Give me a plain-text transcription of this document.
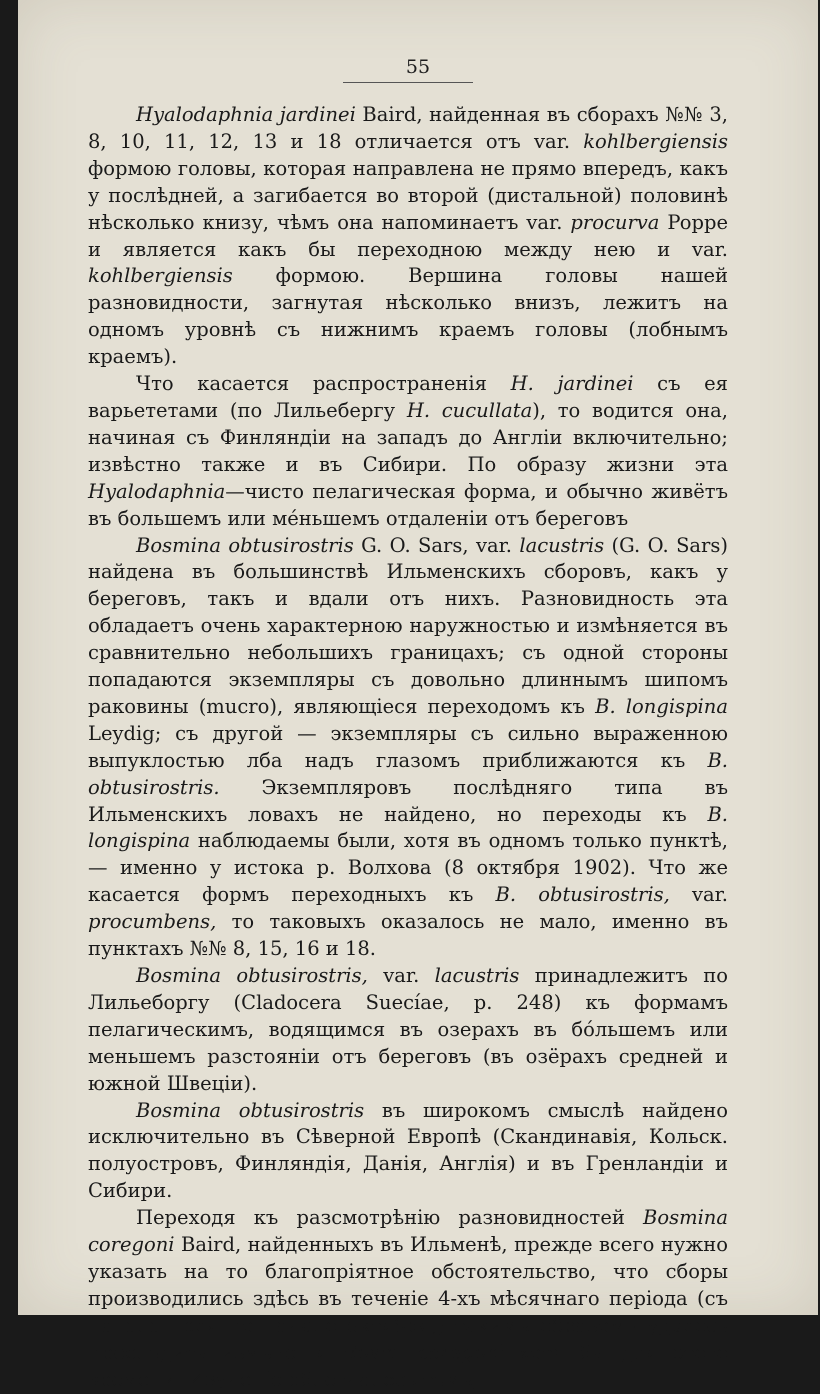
55

Hyalodaphnia jardinei Baird, найденная въ сборахъ №№ 3, 8, 10, 11, 12, 13 и 18 отличается отъ var. kohlbergiensis формою головы, которая направлена не прямо впередъ, какъ у послѣдней, а загибается во второй (дистальной) половинѣ нѣсколько книзу, чѣмъ она напоминаетъ var. procurva Poppe и является какъ бы переходною между нею и var. kohlbergiensis формою. Вершина головы нашей разновидности, загнутая нѣсколько внизъ, лежитъ на одномъ уровнѣ съ нижнимъ краемъ головы (лобнымъ краемъ).

Что касается распространенія H. jardinei съ ея варьететами (по Лильебергу H. cucullata), то водится она, начиная съ Финляндіи на западъ до Англіи включительно; извѣстно также и въ Сибири. По образу жизни эта Hyalodaphnia—чисто пелагическая форма, и обычно живётъ въ большемъ или мéньшемъ отдаленіи отъ береговъ

Bosmina obtusirostris G. O. Sars, var. lacustris (G. O. Sars) найдена въ большинствѣ Ильменскихъ сборовъ, какъ у береговъ, такъ и вдали отъ нихъ. Разновидность эта обладаетъ очень характерною наружностью и измѣняется въ сравнительно небольшихъ границахъ; съ одной стороны попадаются экземпляры съ довольно длиннымъ шипомъ раковины (mucro), являющіеся переходомъ къ B. longispina Leydig; съ другой — экземпляры съ сильно выраженною выпуклостью лба надъ глазомъ приближаются къ B. obtusirostris. Экземпляровъ послѣдняго типа въ Ильменскихъ ловахъ не найдено, но переходы къ B. longispina наблюдаемы были, хотя въ одномъ только пунктѣ, — именно у истока р. Волхова (8 октября 1902). Что же касается формъ переходныхъ къ B. obtusirostris, var. procumbens, то таковыхъ оказалось не мало, именно въ пунктахъ №№ 8, 15, 16 и 18.

Bosmina obtusirostris, var. lacustris принадлежитъ по Лильеборгу (Cladocera Suecíae, p. 248) къ формамъ пелагическимъ, водящимся въ озерахъ въ бóльшемъ или меньшемъ разстояніи отъ береговъ (въ озёрахъ средней и южной Швеціи).

Bosmina obtusirostris въ широкомъ смыслѣ найдено исключительно въ Сѣверной Европѣ (Скандинавія, Кольск. полуостровъ, Финляндія, Данія, Англія) и въ Гренландіи и Сибири.

Переходя къ разсмотрѣнію разновидностей Bosmina coregoni Baird, найденныхъ въ Ильменѣ, прежде всего нужно указать на то благопріятное обстоятельство, что сборы производились здѣсь въ теченіе 4-хъ мѣсячнаго періода (съ начала іюля по начало октября); такимъ образомъ удалось прослѣдить измѣненія Bosm. coregoni хотя бы для этого времени. Изученіе облегчалось тѣмъ,
